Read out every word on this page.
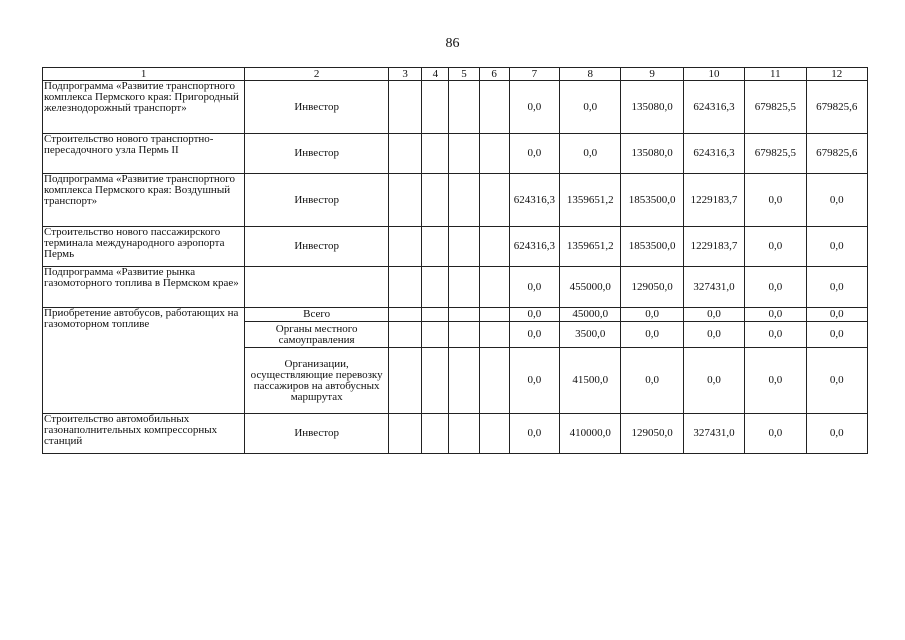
86
1	2	3	4	5	6	7	8	9	10	11	12
Подпрограмма «Развитие транспортного комплекса Пермского края: Пригородный железнодорожный транспорт»	Инвестор					0,0	0,0	135080,0	624316,3	679825,5	679825,6
Строительство нового транспортно-пересадочного узла Пермь II	Инвестор					0,0	0,0	135080,0	624316,3	679825,5	679825,6
Подпрограмма «Развитие транспортного комплекса Пермского края: Воздушный транспорт»	Инвестор					624316,3	1359651,2	1853500,0	1229183,7	0,0	0,0
Строительство нового пассажирского терминала международного аэропорта Пермь	Инвестор					624316,3	1359651,2	1853500,0	1229183,7	0,0	0,0
Подпрограмма «Развитие рынка газомоторного топлива в Пермском крае»						0,0	455000,0	129050,0	327431,0	0,0	0,0
Приобретение автобусов, работающих на газомоторном топливе	Всего					0,0	45000,0	0,0	0,0	0,0	0,0
	Органы местного самоуправления					0,0	3500,0	0,0	0,0	0,0	0,0
	Организации, осуществляющие перевозку пассажиров на автобусных маршрутах					0,0	41500,0	0,0	0,0	0,0	0,0
Строительство автомобильных газонаполнительных компрессорных станций	Инвестор					0,0	410000,0	129050,0	327431,0	0,0	0,0
